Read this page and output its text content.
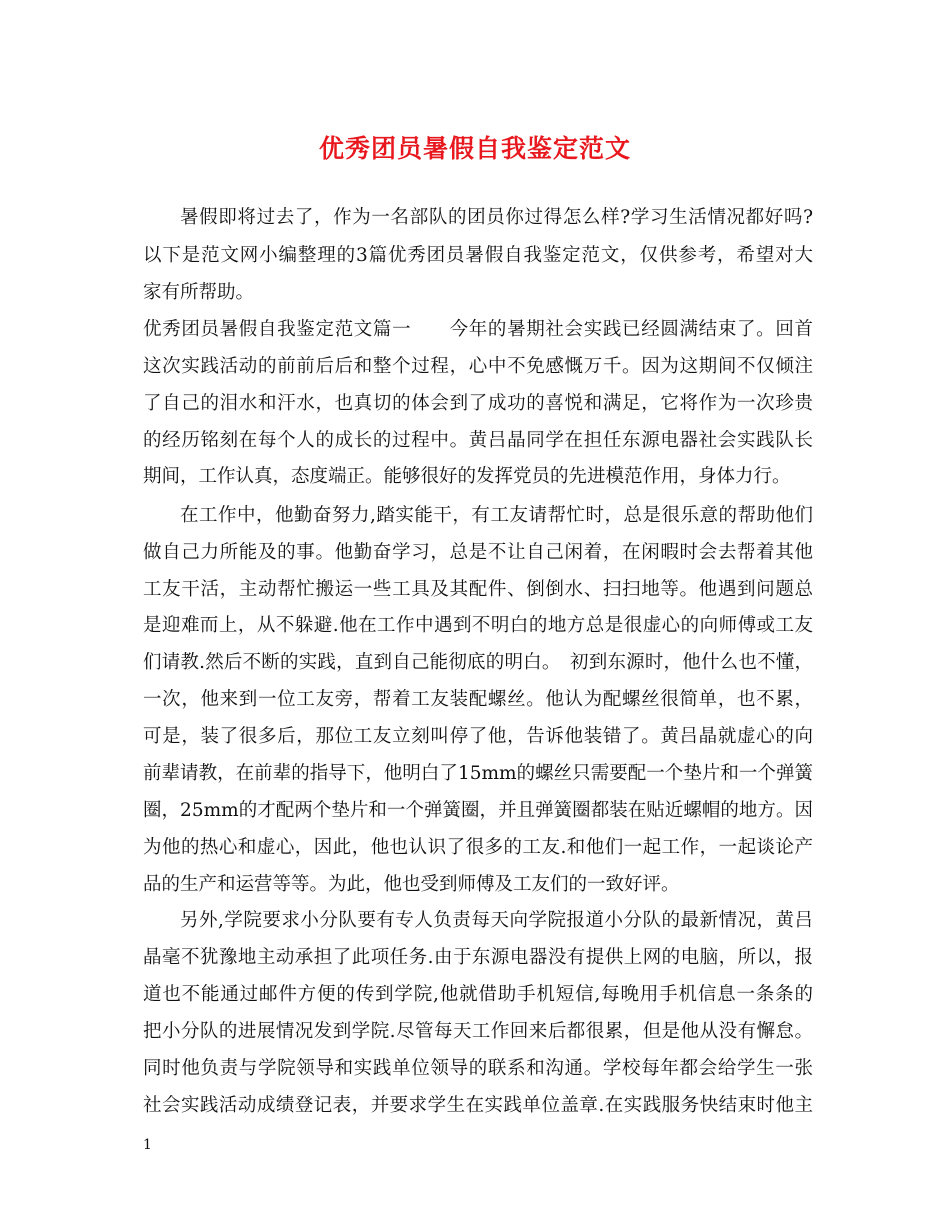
优秀团员暑假自我鉴定范文
暑假即将过去了，作为一名部队的团员你过得怎么样?学习生活情况都好吗?
以下是范文网小编整理的3篇优秀团员暑假自我鉴定范文，仅供参考，希望对大
家有所帮助。
优秀团员暑假自我鉴定范文篇一　　今年的暑期社会实践已经圆满结束了。回首
这次实践活动的前前后后和整个过程，心中不免感慨万千。因为这期间不仅倾注
了自己的泪水和汗水，也真切的体会到了成功的喜悦和满足，它将作为一次珍贵
的经历铭刻在每个人的成长的过程中。黄吕晶同学在担任东源电器社会实践队长
期间，工作认真，态度端正。能够很好的发挥党员的先进模范作用，身体力行。
在工作中，他勤奋努力,踏实能干，有工友请帮忙时，总是很乐意的帮助他们
做自己力所能及的事。他勤奋学习，总是不让自己闲着，在闲暇时会去帮着其他
工友干活，主动帮忙搬运一些工具及其配件、倒倒水、扫扫地等。他遇到问题总
是迎难而上，从不躲避.他在工作中遇到不明白的地方总是很虚心的向师傅或工友
们请教.然后不断的实践，直到自己能彻底的明白。　初到东源时，他什么也不懂，
一次，他来到一位工友旁，帮着工友装配螺丝。他认为配螺丝很简单，也不累，
可是，装了很多后，那位工友立刻叫停了他，告诉他装错了。黄吕晶就虚心的向
前辈请教，在前辈的指导下，他明白了15mm的螺丝只需要配一个垫片和一个弹簧
圈，25mm的才配两个垫片和一个弹簧圈，并且弹簧圈都装在贴近螺帽的地方。因
为他的热心和虚心，因此，他也认识了很多的工友.和他们一起工作，一起谈论产
品的生产和运营等等。为此，他也受到师傅及工友们的一致好评。
另外,学院要求小分队要有专人负责每天向学院报道小分队的最新情况，黄吕
晶毫不犹豫地主动承担了此项任务.由于东源电器没有提供上网的电脑，所以，报
道也不能通过邮件方便的传到学院,他就借助手机短信,每晚用手机信息一条条的
把小分队的进展情况发到学院.尽管每天工作回来后都很累，但是他从没有懈怠。
同时他负责与学院领导和实践单位领导的联系和沟通。学校每年都会给学生一张
社会实践活动成绩登记表，并要求学生在实践单位盖章.在实践服务快结束时他主
1
